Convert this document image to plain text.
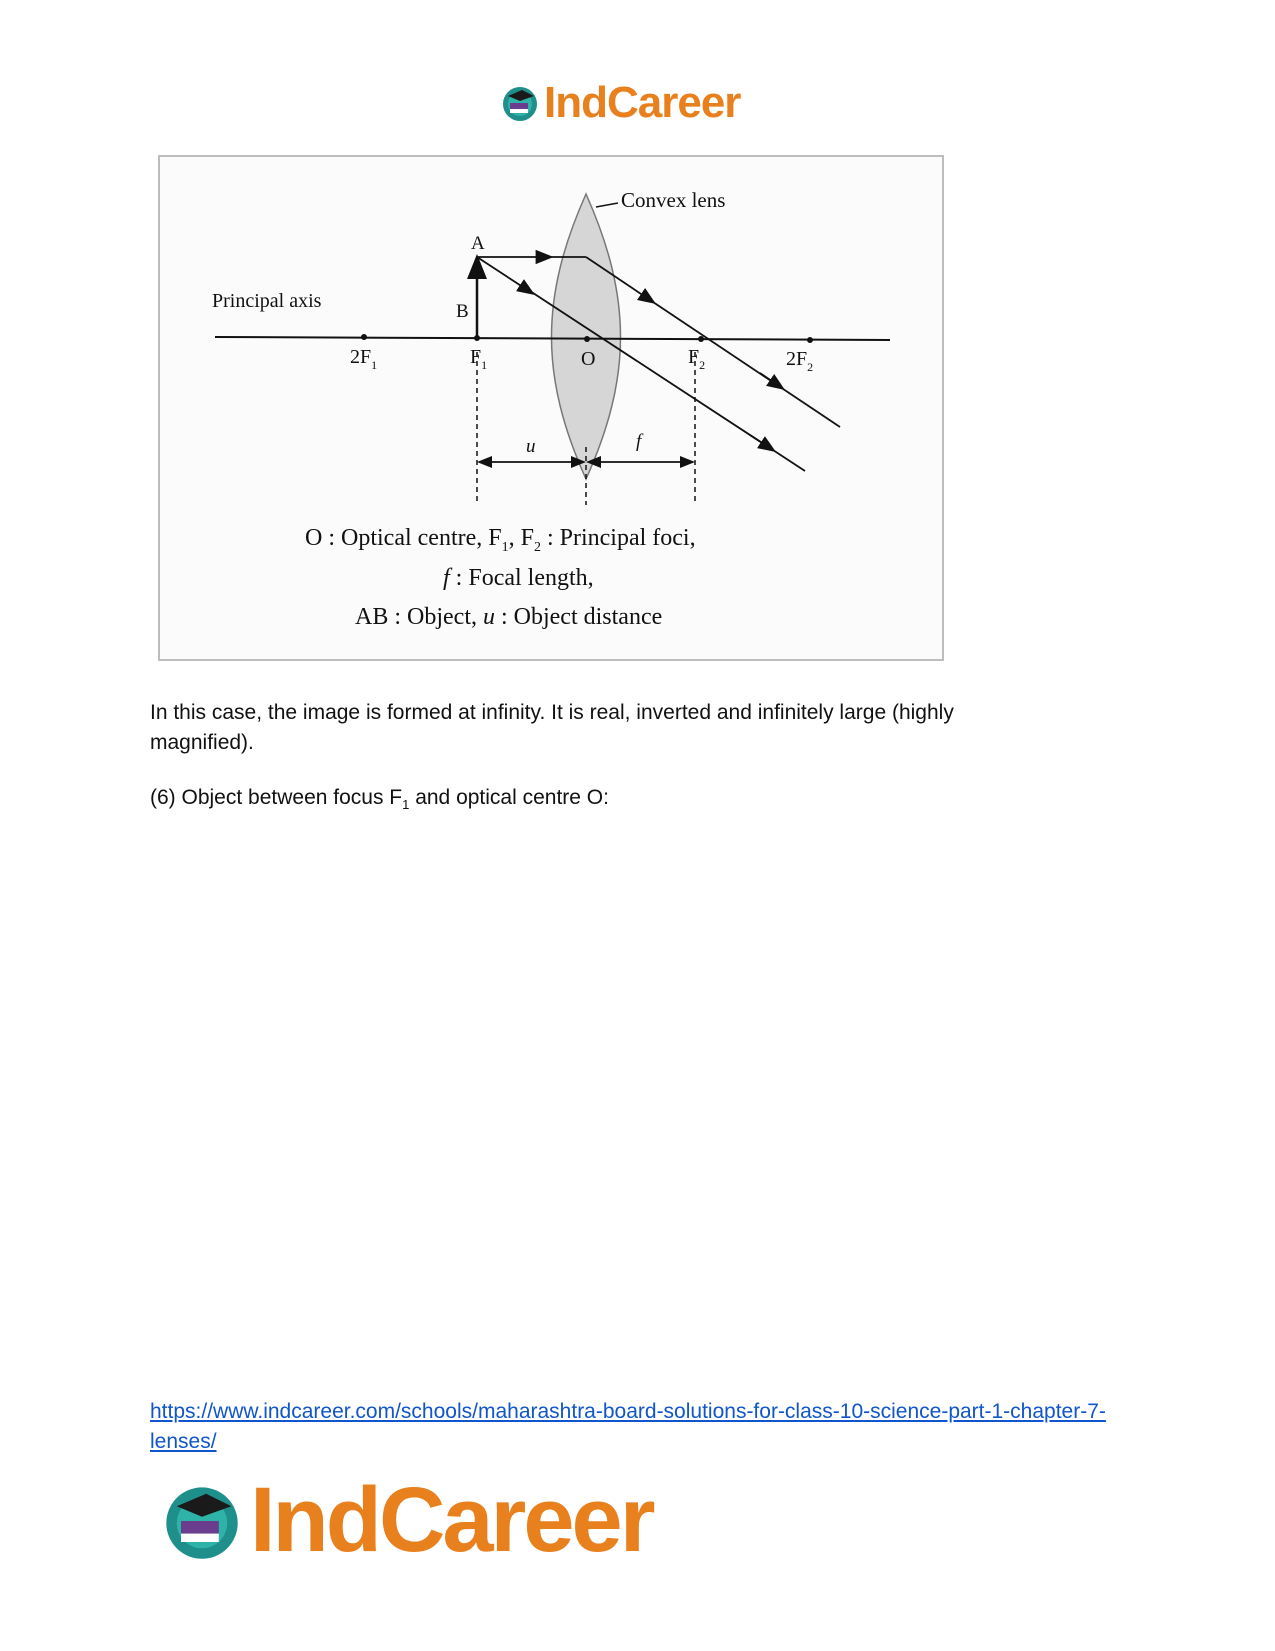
IndCareer
Convex lens
Principal axis
A
B
$2F_1$	$F_1$	O	$F_2$	$2F_2$
u	f
O : Optical centre, $F_1$, $F_2$ : Principal foci,
f : Focal length,
AB : Object, u : Object distance
In this case, the image is formed at infinity. It is real, inverted and infinitely large (highly magnified).
(6) Object between focus $F_1$ and optical centre O:
https://www.indcareer.com/schools/maharashtra-board-solutions-for-class-10-science-part-1-chapter-7-lenses/
IndCareer
